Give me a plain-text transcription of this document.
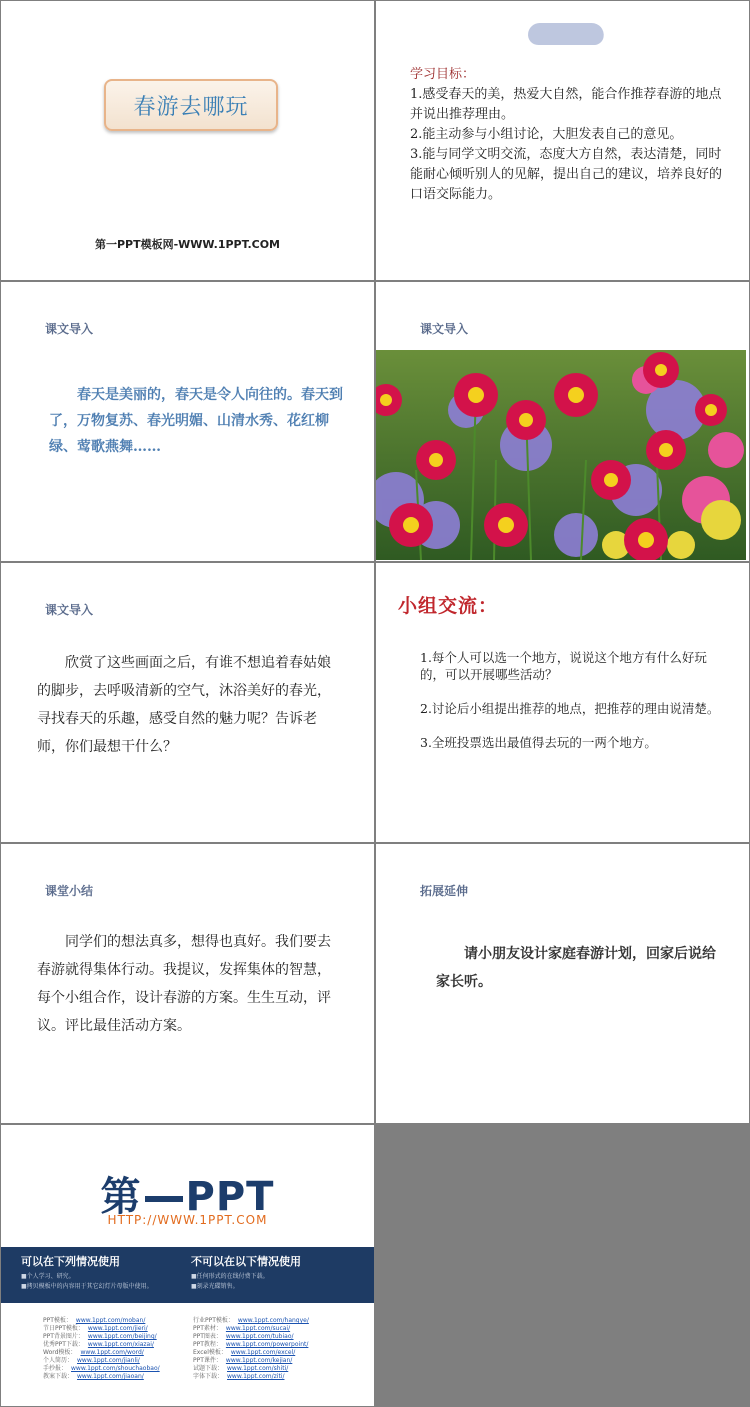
春游去哪玩
第一PPT模板网-WWW.1PPT.COM
学习目标：
1.感受春天的美，热爱大自然，能合作推荐春游的地点并说出推荐理由。
2.能主动参与小组讨论，大胆发表自己的意见。
3.能与同学文明交流，态度大方自然，表达清楚，同时能耐心倾听别人的见解，提出自己的建议，培养良好的口语交际能力。
课文导入
春天是美丽的，春天是令人向往的。春天到了，万物复苏、春光明媚、山清水秀、花红柳绿、莺歌燕舞……
课文导入
课文导入
欣赏了这些画面之后，有谁不想追着春姑娘的脚步，去呼吸清新的空气，沐浴美好的春光，寻找春天的乐趣，感受自然的魅力呢？告诉老师，你们最想干什么？
小组交流：
1.每个人可以选一个地方，说说这个地方有什么好玩的，可以开展哪些活动？
2.讨论后小组提出推荐的地点，把推荐的理由说清楚。
3.全班投票选出最值得去玩的一两个地方。
课堂小结
同学们的想法真多，想得也真好。我们要去春游就得集体行动。我提议，发挥集体的智慧，每个小组合作，设计春游的方案。生生互动，评议。评比最佳活动方案。
拓展延伸
请小朋友设计家庭春游计划，回家后说给家长听。
第 PPT
HTTP://WWW.1PPT.COM
可以在下列情况使用
■个人学习、研究。
■拷贝模板中的内容用于其它幻灯片母版中使用。
不可以在以下情况使用
■任何形式的在线付费下载。
■刻录光碟销售。
PPT模板： www.1ppt.com/moban/
节日PPT模板： www.1ppt.com/jieri/
PPT背景图片： www.1ppt.com/beijing/
优秀PPT下载： www.1ppt.com/xiazai/
Word模板： www.1ppt.com/word/
个人简历： www.1ppt.com/jianli/
手抄报： www.1ppt.com/shouchaobao/
教案下载： www.1ppt.com/jiaoan/
行业PPT模板： www.1ppt.com/hangye/
PPT素材： www.1ppt.com/sucai/
PPT图表： www.1ppt.com/tubiao/
PPT教程： www.1ppt.com/powerpoint/
Excel模板： www.1ppt.com/excel/
PPT课件： www.1ppt.com/kejian/
试题下载： www.1ppt.com/shiti/
字体下载： www.1ppt.com/ziti/
